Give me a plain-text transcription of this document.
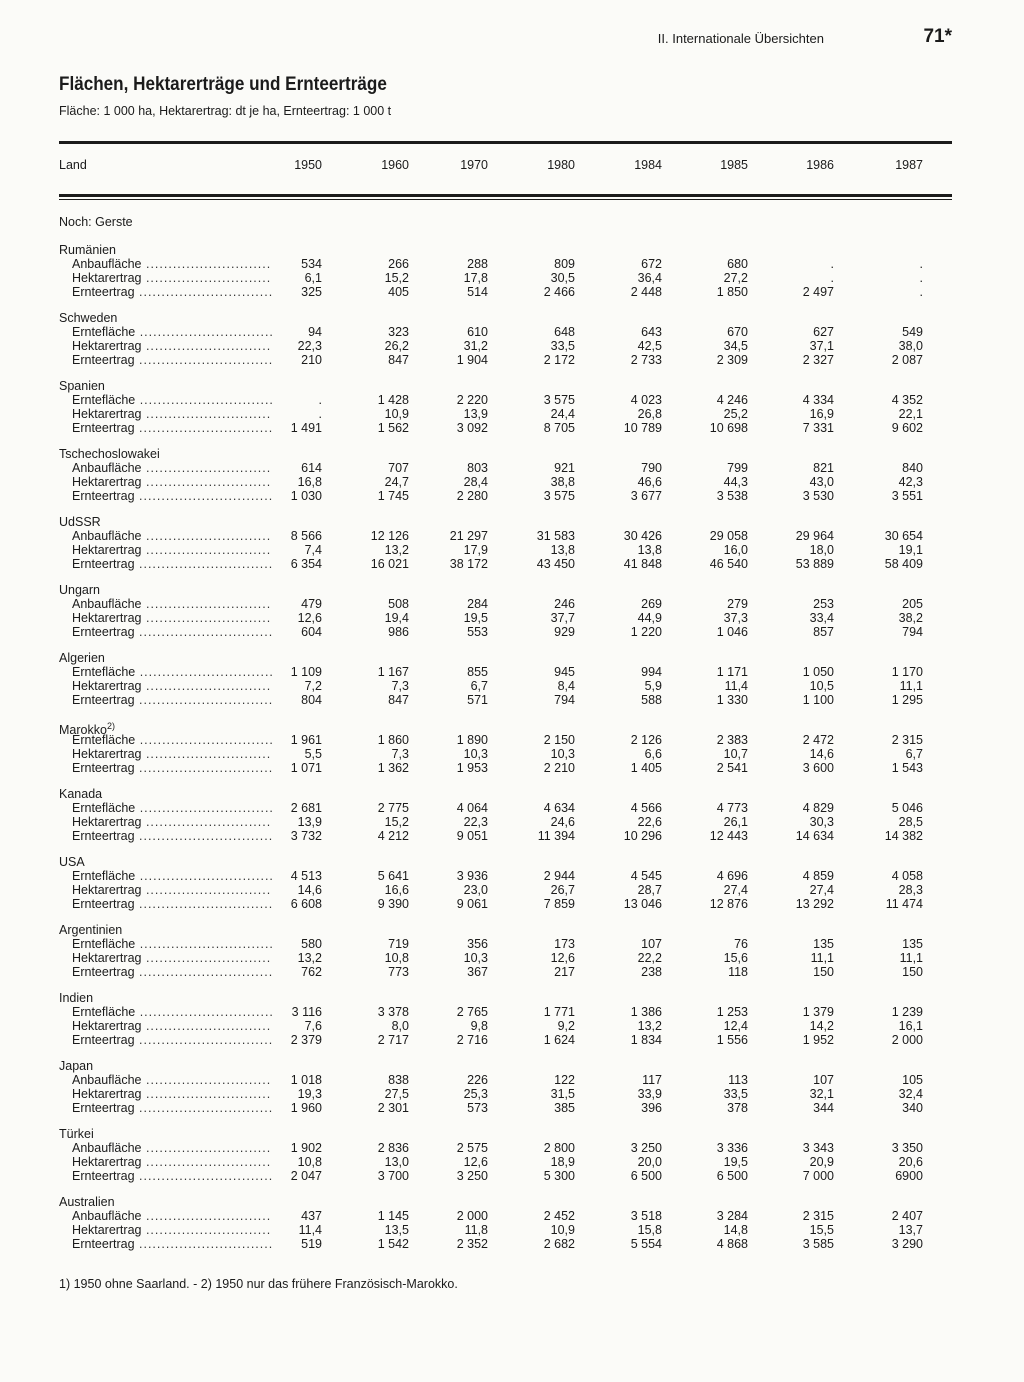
II. Internationale Übersichten	71*
Flächen, Hektarerträge und Ernteerträge
Fläche: 1 000 ha, Hektarertrag: dt je ha, Ernteertrag: 1 000 t
Land	1950	1960	1970	1980	1984	1985	1986	1987
Noch: Gerste
Rumänien
Anbaufläche .....	534	266	288	809	672	680	.	.
Hektarertrag .....	6,1	15,2	17,8	30,5	36,4	27,2	.	.
Ernteertrag .....	325	405	514	2 466	2 448	1 850	2 497	.
Schweden
Erntefläche .....	94	323	610	648	643	670	627	549
Hektarertrag .....	22,3	26,2	31,2	33,5	42,5	34,5	37,1	38,0
Ernteertrag .....	210	847	1 904	2 172	2 733	2 309	2 327	2 087
Spanien
Erntefläche .....	.	1 428	2 220	3 575	4 023	4 246	4 334	4 352
Hektarertrag .....	.	10,9	13,9	24,4	26,8	25,2	16,9	22,1
Ernteertrag .....	1 491	1 562	3 092	8 705	10 789	10 698	7 331	9 602
Tschechoslowakei
Anbaufläche .....	614	707	803	921	790	799	821	840
Hektarertrag .....	16,8	24,7	28,4	38,8	46,6	44,3	43,0	42,3
Ernteertrag .....	1 030	1 745	2 280	3 575	3 677	3 538	3 530	3 551
UdSSR
Anbaufläche .....	8 566	12 126	21 297	31 583	30 426	29 058	29 964	30 654
Hektarertrag .....	7,4	13,2	17,9	13,8	13,8	16,0	18,0	19,1
Ernteertrag .....	6 354	16 021	38 172	43 450	41 848	46 540	53 889	58 409
Ungarn
Anbaufläche .....	479	508	284	246	269	279	253	205
Hektarertrag .....	12,6	19,4	19,5	37,7	44,9	37,3	33,4	38,2
Ernteertrag .....	604	986	553	929	1 220	1 046	857	794
Algerien
Erntefläche .....	1 109	1 167	855	945	994	1 171	1 050	1 170
Hektarertrag .....	7,2	7,3	6,7	8,4	5,9	11,4	10,5	11,1
Ernteertrag .....	804	847	571	794	588	1 330	1 100	1 295
Marokko$^{2)}$
Erntefläche .....	1 961	1 860	1 890	2 150	2 126	2 383	2 472	2 315
Hektarertrag .....	5,5	7,3	10,3	10,3	6,6	10,7	14,6	6,7
Ernteertrag .....	1 071	1 362	1 953	2 210	1 405	2 541	3 600	1 543
Kanada
Erntefläche .....	2 681	2 775	4 064	4 634	4 566	4 773	4 829	5 046
Hektarertrag .....	13,9	15,2	22,3	24,6	22,6	26,1	30,3	28,5
Ernteertrag .....	3 732	4 212	9 051	11 394	10 296	12 443	14 634	14 382
USA
Erntefläche .....	4 513	5 641	3 936	2 944	4 545	4 696	4 859	4 058
Hektarertrag .....	14,6	16,6	23,0	26,7	28,7	27,4	27,4	28,3
Ernteertrag .....	6 608	9 390	9 061	7 859	13 046	12 876	13 292	11 474
Argentinien
Erntefläche .....	580	719	356	173	107	76	135	135
Hektarertrag .....	13,2	10,8	10,3	12,6	22,2	15,6	11,1	11,1
Ernteertrag .....	762	773	367	217	238	118	150	150
Indien
Erntefläche .....	3 116	3 378	2 765	1 771	1 386	1 253	1 379	1 239
Hektarertrag .....	7,6	8,0	9,8	9,2	13,2	12,4	14,2	16,1
Ernteertrag .....	2 379	2 717	2 716	1 624	1 834	1 556	1 952	2 000
Japan
Anbaufläche .....	1 018	838	226	122	117	113	107	105
Hektarertrag .....	19,3	27,5	25,3	31,5	33,9	33,5	32,1	32,4
Ernteertrag .....	1 960	2 301	573	385	396	378	344	340
Türkei
Anbaufläche .....	1 902	2 836	2 575	2 800	3 250	3 336	3 343	3 350
Hektarertrag .....	10,8	13,0	12,6	18,9	20,0	19,5	20,9	20,6
Ernteertrag .....	2 047	3 700	3 250	5 300	6 500	6 500	7 000	6900
Australien
Anbaufläche .....	437	1 145	2 000	2 452	3 518	3 284	2 315	2 407
Hektarertrag .....	11,4	13,5	11,8	10,9	15,8	14,8	15,5	13,7
Ernteertrag .....	519	1 542	2 352	2 682	5 554	4 868	3 585	3 290
1) 1950 ohne Saarland. - 2) 1950 nur das frühere Französisch-Marokko.
